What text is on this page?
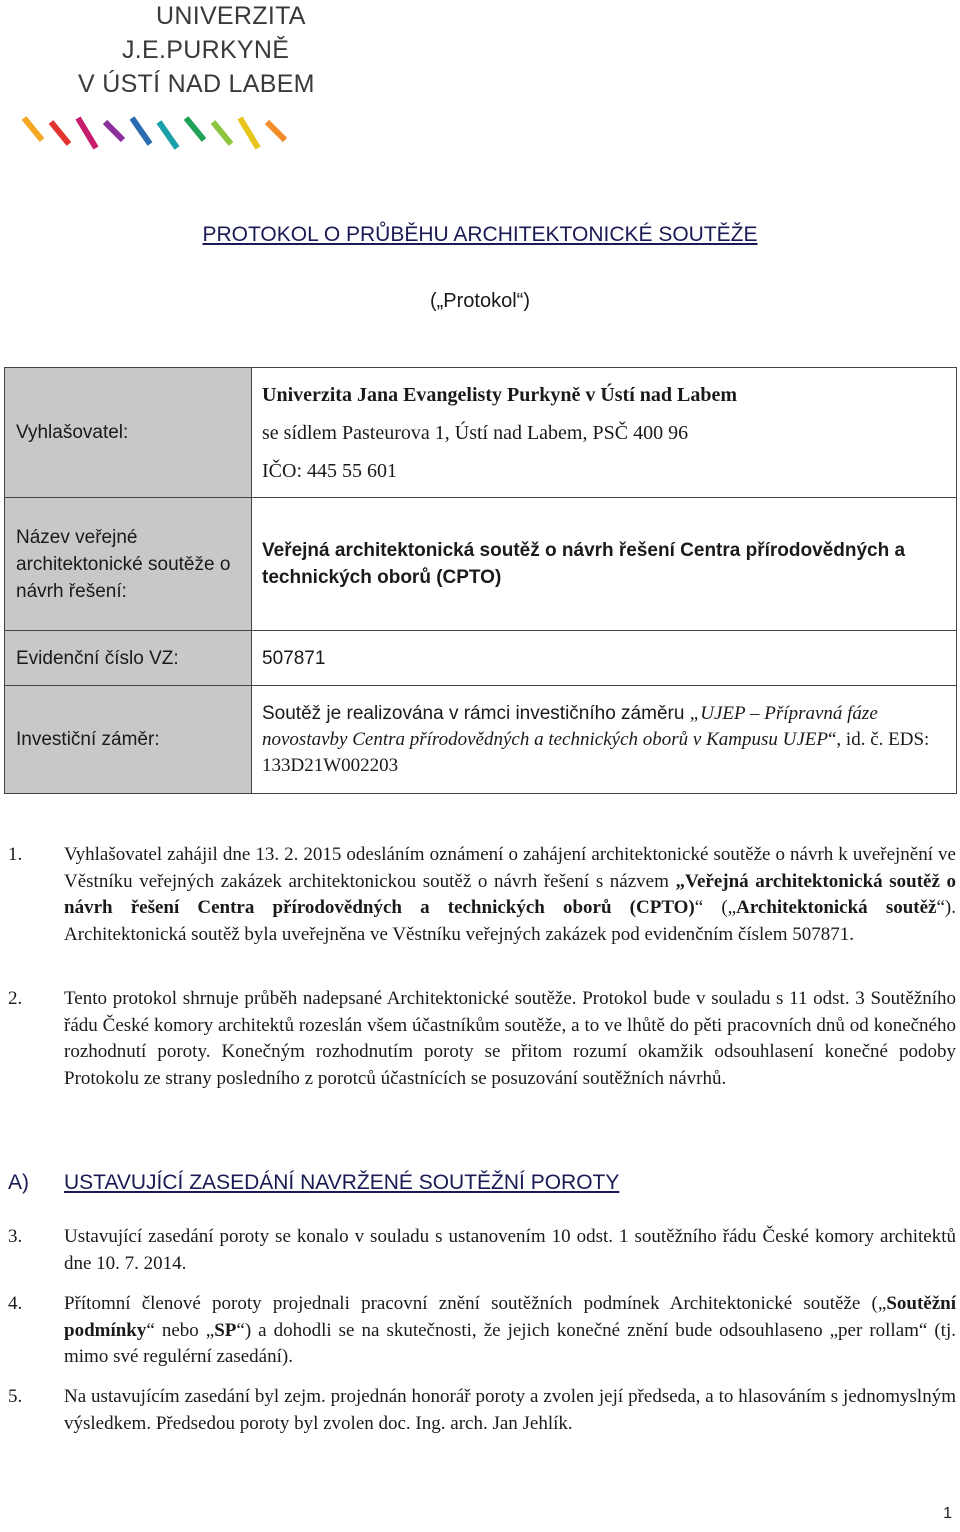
UNIVERZITA
J.E.PURKYNĚ
V ÚSTÍ NAD LABEM
PROTOKOL O PRŮBĚHU ARCHITEKTONICKÉ SOUTĚŽE
(„Protokol“)
Vyhlašovatel:	Univerzita Jana Evangelisty Purkyně v Ústí nad Labem
se sídlem Pasteurova 1, Ústí nad Labem, PSČ 400 96
IČO: 445 55 601

Název veřejné architektonické soutěže o návrh řešení:	Veřejná architektonická soutěž o návrh řešení Centra přírodovědných a technických oborů (CPTO)
Evidenční číslo VZ:	507871
Investiční záměr:	Soutěž je realizována v rámci investičního záměru „UJEP – Přípravná fáze novostavby Centra přírodovědných a technických oborů v Kampusu UJEP“, id. č. EDS: 133D21W002203
1. Vyhlašovatel zahájil dne 13. 2. 2015 odesláním oznámení o zahájení architektonické soutěže o návrh k uveřejnění ve Věstníku veřejných zakázek architektonickou soutěž o návrh řešení s názvem „Veřejná architektonická soutěž o návrh řešení Centra přírodovědných a technických oborů (CPTO)“ („Architektonická soutěž“). Architektonická soutěž byla uveřejněna ve Věstníku veřejných zakázek pod evidenčním číslem 507871.
2. Tento protokol shrnuje průběh nadepsané Architektonické soutěže. Protokol bude v souladu s 11 odst. 3 Soutěžního řádu České komory architektů rozeslán všem účastníkům soutěže, a to ve lhůtě do pěti pracovních dnů od konečného rozhodnutí poroty. Konečným rozhodnutím poroty se přitom rozumí okamžik odsouhlasení konečné podoby Protokolu ze strany posledního z porotců účastnících se posuzování soutěžních návrhů.
A) USTAVUJÍCÍ ZASEDÁNÍ NAVRŽENÉ SOUTĚŽNÍ POROTY
3. Ustavující zasedání poroty se konalo v souladu s ustanovením 10 odst. 1 soutěžního řádu České komory architektů dne 10. 7. 2014.
4. Přítomní členové poroty projednali pracovní znění soutěžních podmínek Architektonické soutěže („Soutěžní podmínky“ nebo „SP“) a dohodli se na skutečnosti, že jejich konečné znění bude odsouhlaseno „per rollam“ (tj. mimo své regulérní zasedání).
5. Na ustavujícím zasedání byl zejm. projednán honorář poroty a zvolen její předseda, a to hlasováním s jednomyslným výsledkem. Předsedou poroty byl zvolen doc. Ing. arch. Jan Jehlík.
1
